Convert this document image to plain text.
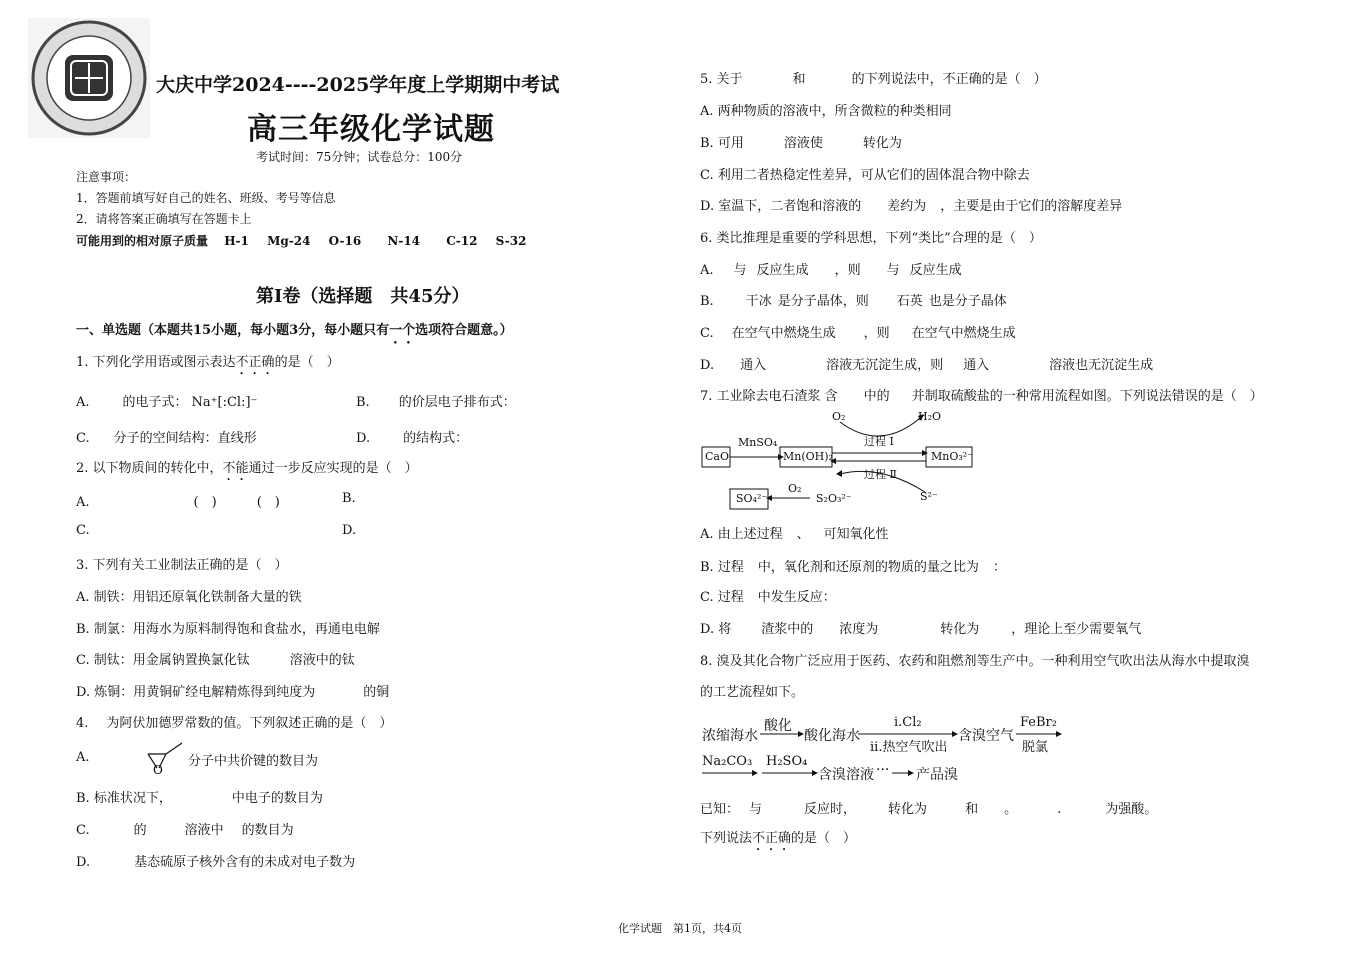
大庆中学2024----2025学年度上学期期中考试
高三年级化学试题
考试时间：75分钟；试卷总分：100分
注意事项：
1．答题前填写好自己的姓名、班级、考号等信息
2．请将答案正确填写在答题卡上
可能用到的相对原子质量 H-1 Mg-24 O-16 N-14 C-12 S-32
第Ⅰ卷（选择题　共45分）
一、单选题（本题共15小题，每小题3分，每小题只有一个选项符合题意。）
1. 下列化学用语或图示表达不正确的是（　）
A.	的电子式： Na⁺[:Cl:]⁻	B. 的价层电子排布式：
C. 分子的空间结构：直线形	D.	的结构式：
2. 以下物质间的转化中，不能通过一步反应实现的是（　）
A.	(　)	(　)	B.
C.	D.
3. 下列有关工业制法正确的是（　）
A. 制铁：用铝还原氧化铁制备大量的铁
B. 制氯：用海水为原料制得饱和食盐水，再通电电解
C. 制钛：用金属钠置换氯化钛	溶液中的钛
D. 炼铜：用黄铜矿经电解精炼得到纯度为	的铜
4. 为阿伏加德罗常数的值。下列叙述正确的是（　）
A.
O
分子中共价键的数目为
B. 标准状况下，	中电子的数目为
C.	的	溶液中 的数目为
D.	基态硫原子核外含有的未成对电子数为
5. 关于	和	的下列说法中，不正确的是（　）
A. 两种物质的溶液中，所含微粒的种类相同
B. 可用	溶液使	转化为
C. 利用二者热稳定性差异，可从它们的固体混合物中除去
D. 室温下，二者饱和溶液的 差约为 ，主要是由于它们的溶解度差异
6. 类比推理是重要的学科思想，下列“类比”合理的是（　）
A. 与 反应生成 ，则 与 反应生成
B. 干冰 是分子晶体，则 石英 也是分子晶体
C. 在空气中燃烧生成 ，则 在空气中燃烧生成
D. 通入	溶液无沉淀生成，则 通入	溶液也无沉淀生成
7. 工业除去电石渣浆 含 中的 并制取硫酸盐的一种常用流程如图。下列说法错误的是（　）
CaO
MnSO₄
Mn(OH)₂	MnO₃²⁻
O₂	H₂O
过程 Ⅰ
过程 Ⅱ
SO₄²⁻
O₂
S₂O₃²⁻	S²⁻
A. 由上述过程 、 可知氧化性
B. 过程 中，氧化剂和还原剂的物质的量之比为 ：
C. 过程 中发生反应：
D. 将 渣浆中的 浓度为	转化为 ，理论上至少需要氧气
8. 溴及其化合物广泛应用于医药、农药和阻燃剂等生产中。一种利用空气吹出法从海水中提取溴
的工艺流程如下。
浓缩海水
酸化
酸化海水
i.Cl₂
ii.热空气吹出
含溴空气
FeBr₂
脱氯
Na₂CO₃ H₂SO₄
含溴溶液 ··· 产品溴
已知： 与	反应时， 转化为	和 。	.	为强酸。
下列说法不正确的是（　）
化学试题　第1页，共4页
